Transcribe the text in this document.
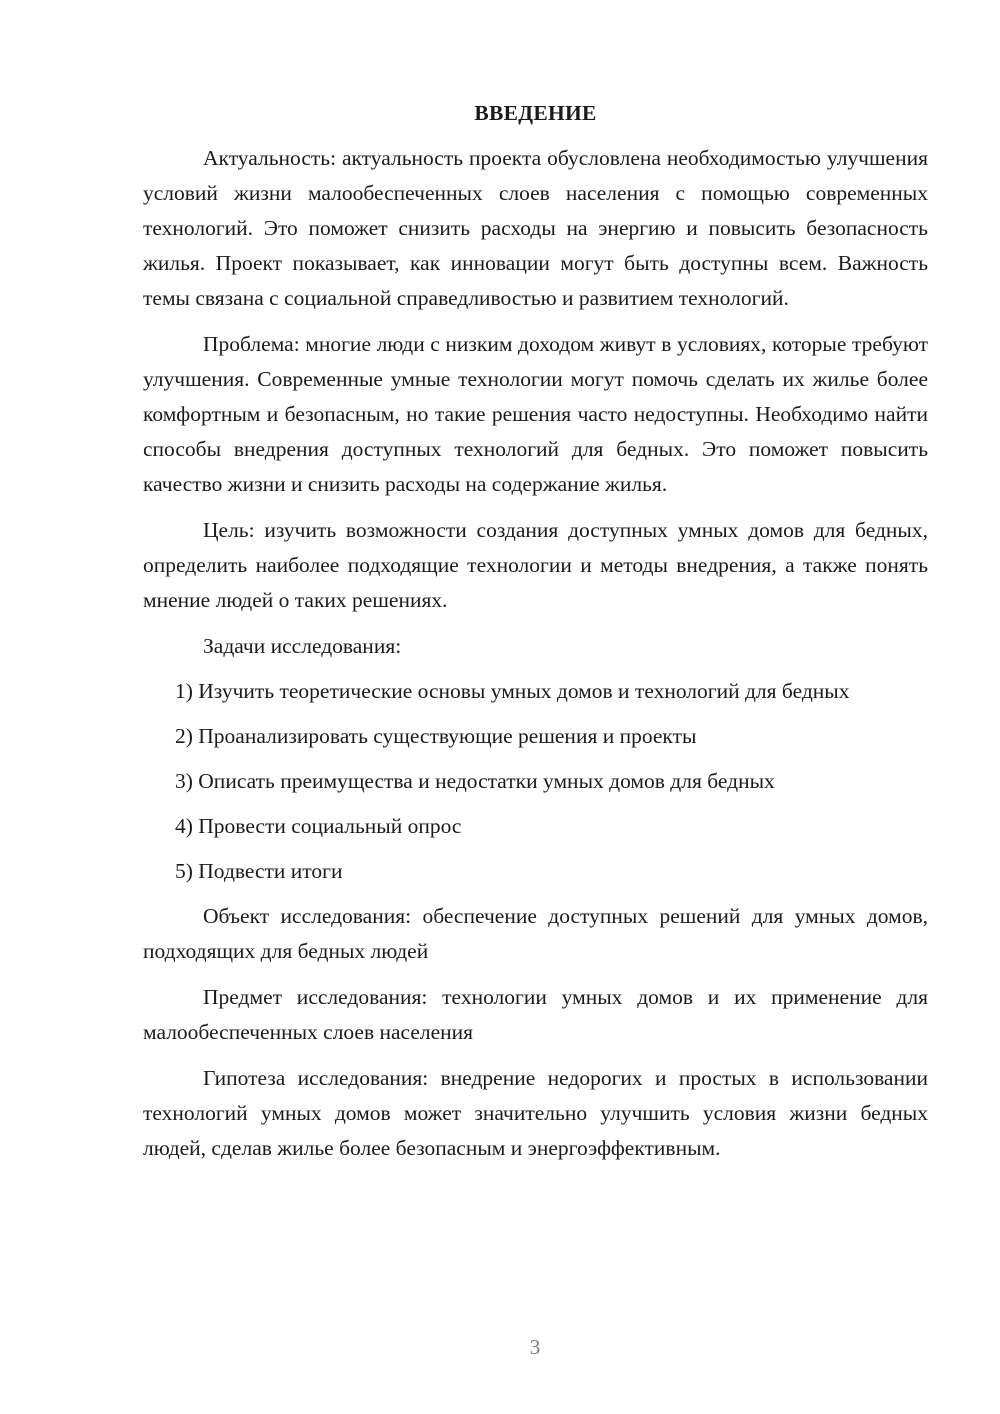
ВВЕДЕНИЕ

Актуальность: актуальность проекта обусловлена необходимостью улучшения условий жизни малообеспеченных слоев населения с помощью современных технологий. Это поможет снизить расходы на энергию и повысить безопасность жилья. Проект показывает, как инновации могут быть доступны всем. Важность темы связана с социальной справедливостью и развитием технологий.

Проблема: многие люди с низким доходом живут в условиях, которые требуют улучшения. Современные умные технологии могут помочь сделать их жилье более комфортным и безопасным, но такие решения часто недоступны. Необходимо найти способы внедрения доступных технологий для бедных. Это поможет повысить качество жизни и снизить расходы на содержание жилья.

Цель: изучить возможности создания доступных умных домов для бедных, определить наиболее подходящие технологии и методы внедрения, а также понять мнение людей о таких решениях.

Задачи исследования:

1) Изучить теоретические основы умных домов и технологий для бедных

2) Проанализировать существующие решения и проекты

3) Описать преимущества и недостатки умных домов для бедных

4) Провести социальный опрос

5) Подвести итоги

Объект исследования: обеспечение доступных решений для умных домов, подходящих для бедных людей

Предмет исследования: технологии умных домов и их применение для малообеспеченных слоев населения

Гипотеза исследования: внедрение недорогих и простых в использовании технологий умных домов может значительно улучшить условия жизни бедных людей, сделав жилье более безопасным и энергоэффективным.

3
